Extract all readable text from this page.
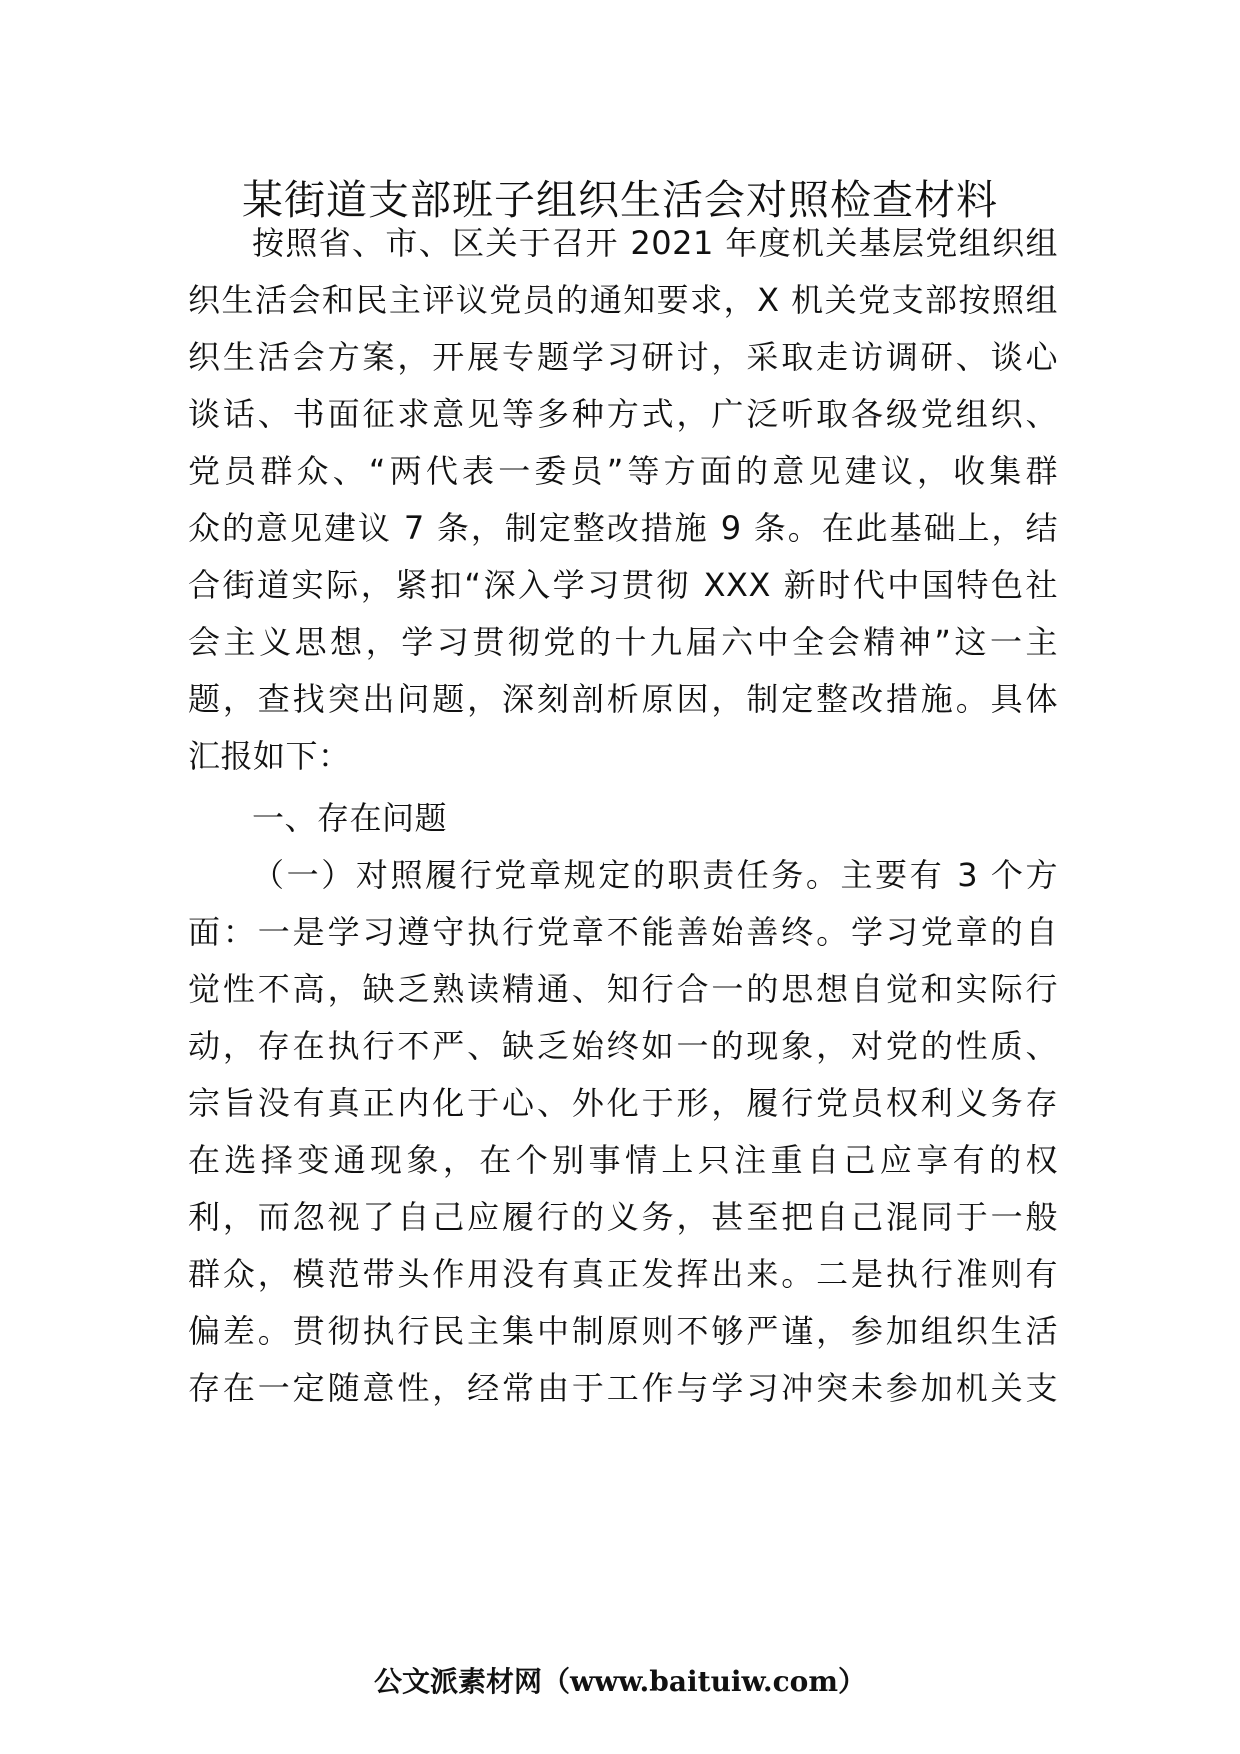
某街道支部班子组织生活会对照检查材料
按照省、市、区关于召开 2021 年度机关基层党组织组
织生活会和民主评议党员的通知要求，X 机关党支部按照组
织生活会方案，开展专题学习研讨，采取走访调研、谈心
谈话、书面征求意见等多种方式，广泛听取各级党组织、
党员群众、“两代表一委员”等方面的意见建议，收集群
众的意见建议 7 条，制定整改措施 9 条。在此基础上，结
合街道实际，紧扣“深入学习贯彻 XXX 新时代中国特色社
会主义思想，学习贯彻党的十九届六中全会精神”这一主
题，查找突出问题，深刻剖析原因，制定整改措施。具体
汇报如下：
一、存在问题
（一）对照履行党章规定的职责任务。主要有 3 个方
面：一是学习遵守执行党章不能善始善终。学习党章的自
觉性不高，缺乏熟读精通、知行合一的思想自觉和实际行
动，存在执行不严、缺乏始终如一的现象，对党的性质、
宗旨没有真正内化于心、外化于形，履行党员权利义务存
在选择变通现象，在个别事情上只注重自己应享有的权
利，而忽视了自己应履行的义务，甚至把自己混同于一般
群众，模范带头作用没有真正发挥出来。二是执行准则有
偏差。贯彻执行民主集中制原则不够严谨，参加组织生活
存在一定随意性，经常由于工作与学习冲突未参加机关支
公文派素材网（www.baituiw.com）
